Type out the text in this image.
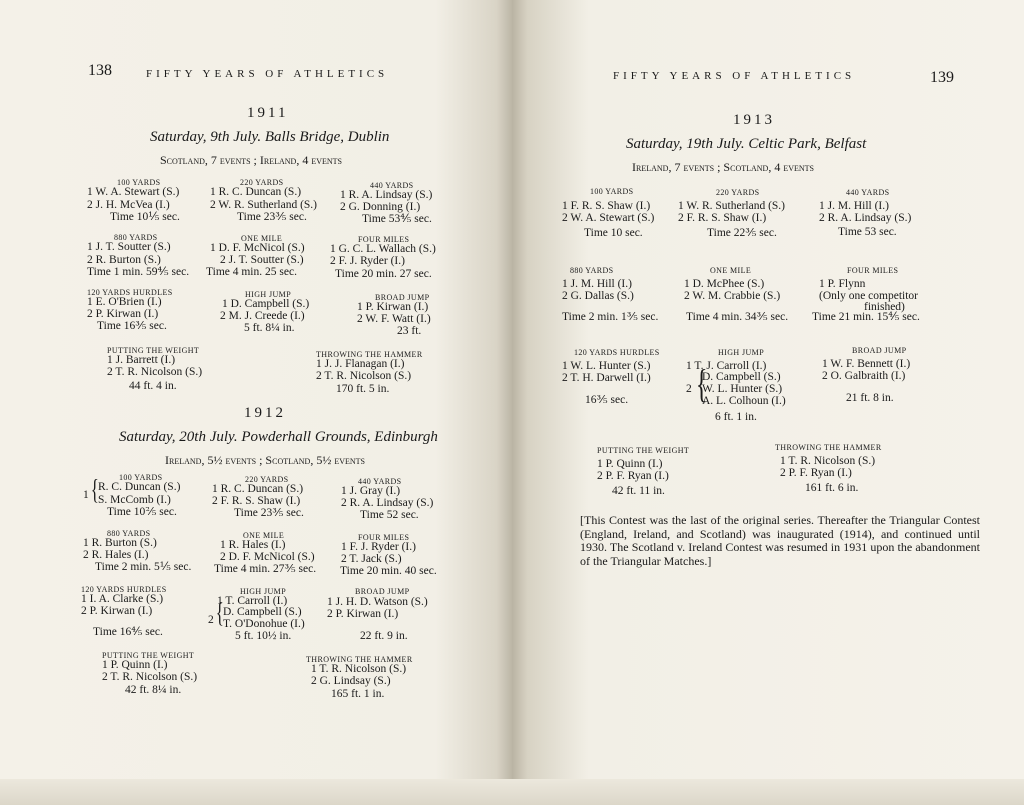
138	FIFTY YEARS OF ATHLETICS
1911
Saturday, 9th July. Balls Bridge, Dublin
Scotland, 7 events ; Ireland, 4 events
100 YARDS
1 W. A. Stewart (S.)
2 J. H. McVea (I.)
Time 10⅕ sec.
220 YARDS
1 R. C. Duncan (S.)
2 W. R. Sutherland (S.)
Time 23⅗ sec.
440 YARDS
1 R. A. Lindsay (S.)
2 G. Donning (I.)
Time 53⅘ sec.
880 YARDS
1 J. T. Soutter (S.)
2 R. Burton (S.)
Time 1 min. 59⅘ sec.
ONE MILE
1 D. F. McNicol (S.)
2 J. T. Soutter (S.)
Time 4 min. 25 sec.
FOUR MILES
1 G. C. L. Wallach (S.)
2 F. J. Ryder (I.)
Time 20 min. 27 sec.
120 YARDS HURDLES
1 E. O'Brien (I.)
2 P. Kirwan (I.)
Time 16⅗ sec.
HIGH JUMP
1 D. Campbell (S.)
2 M. J. Creede (I.)
5 ft. 8¼ in.
BROAD JUMP
1 P. Kirwan (I.)
2 W. F. Watt (I.)
23 ft.
PUTTING THE WEIGHT
1 J. Barrett (I.)
2 T. R. Nicolson (S.)
44 ft. 4 in.
THROWING THE HAMMER
1 J. J. Flanagan (I.)
2 T. R. Nicolson (S.)
170 ft. 5 in.
1912
Saturday, 20th July. Powderhall Grounds, Edinburgh
Ireland, 5½ events ; Scotland, 5½ events
100 YARDS
1 { R. C. Duncan (S.)
S. McComb (I.)
Time 10⅖ sec.
220 YARDS
1 R. C. Duncan (S.)
2 F. R. S. Shaw (I.)
Time 23⅗ sec.
440 YARDS
1 J. Gray (I.)
2 R. A. Lindsay (S.)
Time 52 sec.
880 YARDS
1 R. Burton (S.)
2 R. Hales (I.)
Time 2 min. 5⅕ sec.
ONE MILE
1 R. Hales (I.)
2 D. F. McNicol (S.)
Time 4 min. 27⅗ sec.
FOUR MILES
1 F. J. Ryder (I.)
2 T. Jack (S.)
Time 20 min. 40 sec.
120 YARDS HURDLES
1 I. A. Clarke (S.)
2 P. Kirwan (I.)
Time 16⅘ sec.
HIGH JUMP
1 T. Carroll (I.)
2 { D. Campbell (S.)
T. O'Donohue (I.)
5 ft. 10½ in.
BROAD JUMP
1 J. H. D. Watson (S.)
2 P. Kirwan (I.)
22 ft. 9 in.
PUTTING THE WEIGHT
1 P. Quinn (I.)
2 T. R. Nicolson (S.)
42 ft. 8¼ in.
THROWING THE HAMMER
1 T. R. Nicolson (S.)
2 G. Lindsay (S.)
165 ft. 1 in.
FIFTY YEARS OF ATHLETICS	139
1913
Saturday, 19th July. Celtic Park, Belfast
Ireland, 7 events ; Scotland, 4 events
100 YARDS
1 F. R. S. Shaw (I.)
2 W. A. Stewart (S.)
Time 10 sec.
220 YARDS
1 W. R. Sutherland (S.)
2 F. R. S. Shaw (I.)
Time 22⅗ sec.
440 YARDS
1 J. M. Hill (I.)
2 R. A. Lindsay (S.)
Time 53 sec.
880 YARDS
1 J. M. Hill (I.)
2 G. Dallas (S.)
Time 2 min. 1⅗ sec.
ONE MILE
1 D. McPhee (S.)
2 W. M. Crabbie (S.)
Time 4 min. 34⅗ sec.
FOUR MILES
1 P. Flynn
(Only one competitor
finished)
Time 21 min. 15⅘ sec.
120 YARDS HURDLES
1 W. L. Hunter (S.)
2 T. H. Darwell (I.)
16⅗ sec.
HIGH JUMP
1 T. J. Carroll (I.)
2 {
D. Campbell (S.)
W. L. Hunter (S.)
A. L. Colhoun (I.)
6 ft. 1 in.
BROAD JUMP
1 W. F. Bennett (I.)
2 O. Galbraith (I.)
21 ft. 8 in.
PUTTING THE WEIGHT
1 P. Quinn (I.)
2 P. F. Ryan (I.)
42 ft. 11 in.
THROWING THE HAMMER
1 T. R. Nicolson (S.)
2 P. F. Ryan (I.)
161 ft. 6 in.
[This Contest was the last of the original series. Thereafter the Triangular Contest (England, Ireland, and Scotland) was inaugurated (1914), and continued until 1930. The Scotland v. Ireland Contest was resumed in 1931 upon the abandonment of the Triangular Matches.]
